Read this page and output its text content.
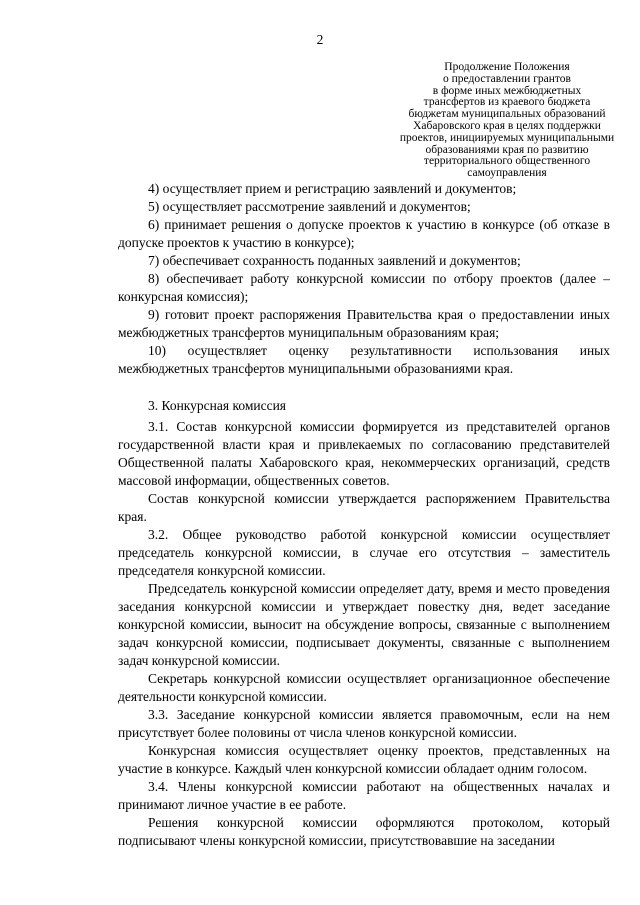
2
Продолжение Положения
о предоставлении грантов
в форме иных межбюджетных
трансфертов из краевого бюджета
бюджетам муниципальных образований
Хабаровского края в целях поддержки
проектов, инициируемых муниципальными
образованиями края по развитию
территориального общественного
самоуправления

4) осуществляет прием и регистрацию заявлений и документов;

5) осуществляет рассмотрение заявлений и документов;

6) принимает решения о допуске проектов к участию в конкурсе (об отказе в допуске проектов к участию в конкурсе);

7) обеспечивает сохранность поданных заявлений и документов;

8) обеспечивает работу конкурсной комиссии по отбору проектов (далее – конкурсная комиссия);

9) готовит проект распоряжения Правительства края о предоставлении иных межбюджетных трансфертов муниципальным образованиям края;

10) осуществляет оценку результативности использования иных межбюджетных трансфертов муниципальными образованиями края.

3. Конкурсная комиссия

3.1. Состав конкурсной комиссии формируется из представителей органов государственной власти края и привлекаемых по согласованию представителей Общественной палаты Хабаровского края, некоммерческих организаций, средств массовой информации, общественных советов.

Состав конкурсной комиссии утверждается распоряжением Правительства края.

3.2. Общее руководство работой конкурсной комиссии осуществляет председатель конкурсной комиссии, в случае его отсутствия – заместитель председателя конкурсной комиссии.

Председатель конкурсной комиссии определяет дату, время и место проведения заседания конкурсной комиссии и утверждает повестку дня, ведет заседание конкурсной комиссии, выносит на обсуждение вопросы, связанные с выполнением задач конкурсной комиссии, подписывает документы, связанные с выполнением задач конкурсной комиссии.

Секретарь конкурсной комиссии осуществляет организационное обеспечение деятельности конкурсной комиссии.

3.3. Заседание конкурсной комиссии является правомочным, если на нем присутствует более половины от числа членов конкурсной комиссии.

Конкурсная комиссия осуществляет оценку проектов, представленных на участие в конкурсе. Каждый член конкурсной комиссии обладает одним голосом.

3.4. Члены конкурсной комиссии работают на общественных началах и принимают личное участие в ее работе.

Решения конкурсной комиссии оформляются протоколом, который подписывают члены конкурсной комиссии, присутствовавшие на заседании
